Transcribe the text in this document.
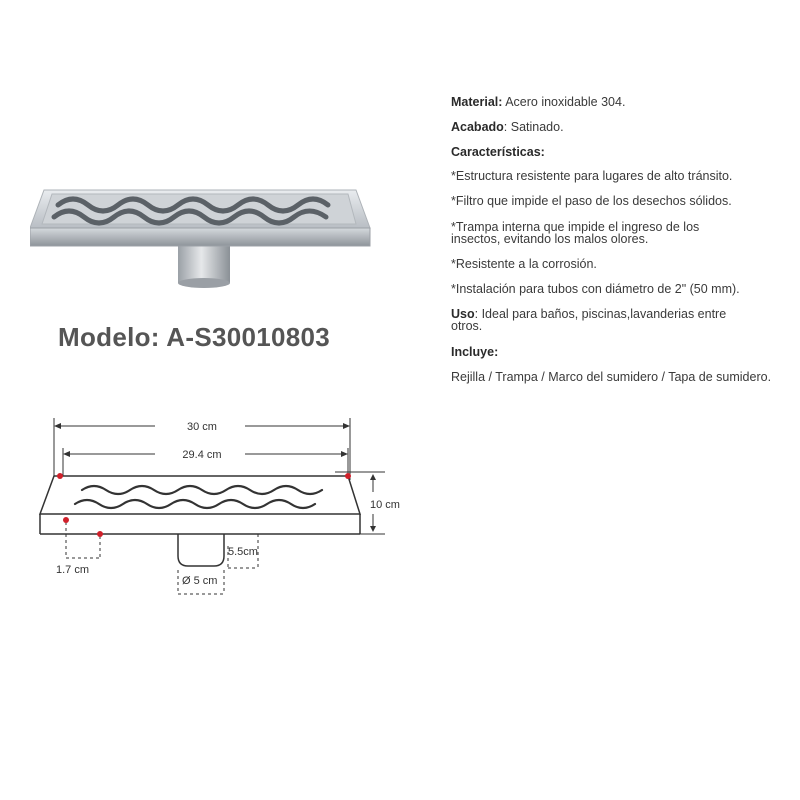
Modelo: A-S30010803
30 cm
29.4 cm
10 cm
1.7 cm
5.5cm
Ø 5 cm
Material: Acero inoxidable 304.
Acabado: Satinado.
Características:
*Estructura resistente para lugares de alto tránsito.
*Filtro que impide el paso de los desechos sólidos.
*Trampa interna que impide el ingreso de los insectos, evitando los malos olores.
*Resistente a la corrosión.
*Instalación para tubos con diámetro de 2" (50 mm).
Uso: Ideal para baños, piscinas,lavanderias entre otros.
Incluye:
Rejilla / Trampa / Marco del sumidero / Tapa de sumidero.
